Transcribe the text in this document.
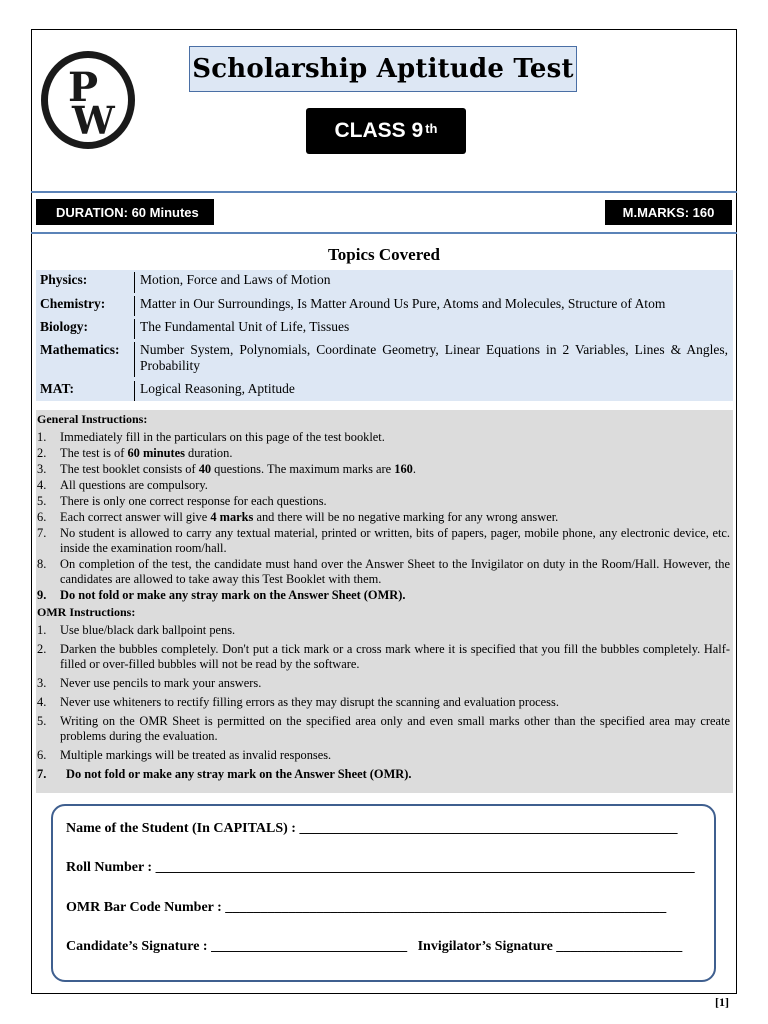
P
W
Scholarship Aptitude Test
CLASS 9th
DURATION: 60 Minutes	M.MARKS: 160
Topics Covered
Physics:	Motion, Force and Laws of Motion
Chemistry:	Matter in Our Surroundings, Is Matter Around Us Pure, Atoms and Molecules, Structure of Atom
Biology:	The Fundamental Unit of Life, Tissues
Mathematics:	Number System, Polynomials, Coordinate Geometry, Linear Equations in 2 Variables, Lines & Angles, Probability
MAT:	Logical Reasoning, Aptitude
General Instructions:
1.	Immediately fill in the particulars on this page of the test booklet.
2.	The test is of 60 minutes duration.
3.	The test booklet consists of 40 questions. The maximum marks are 160.
4.	All questions are compulsory.
5.	There is only one correct response for each questions.
6.	Each correct answer will give 4 marks and there will be no negative marking for any wrong answer.
7.	No student is allowed to carry any textual material, printed or written, bits of papers, pager, mobile phone, any electronic device, etc. inside the examination room/hall.
8.	On completion of the test, the candidate must hand over the Answer Sheet to the Invigilator on duty in the Room/Hall. However, the candidates are allowed to take away this Test Booklet with them.
9.	Do not fold or make any stray mark on the Answer Sheet (OMR).
OMR Instructions:
1.	Use blue/black dark ballpoint pens.
2.	Darken the bubbles completely. Don't put a tick mark or a cross mark where it is specified that you fill the bubbles completely. Half-filled or over-filled bubbles will not be read by the software.
3.	Never use pencils to mark your answers.
4.	Never use whiteners to rectify filling errors as they may disrupt the scanning and evaluation process.
5.	Writing on the OMR Sheet is permitted on the specified area only and even small marks other than the specified area may create problems during the evaluation.
6.	Multiple markings will be treated as invalid responses.
7.	Do not fold or make any stray mark on the Answer Sheet (OMR).
Name of the Student (In CAPITALS) : ______________________________________________________
Roll Number : _____________________________________________________________________________
OMR Bar Code Number : _______________________________________________________________
Candidate’s Signature : ____________________________ Invigilator’s Signature __________________
[1]
